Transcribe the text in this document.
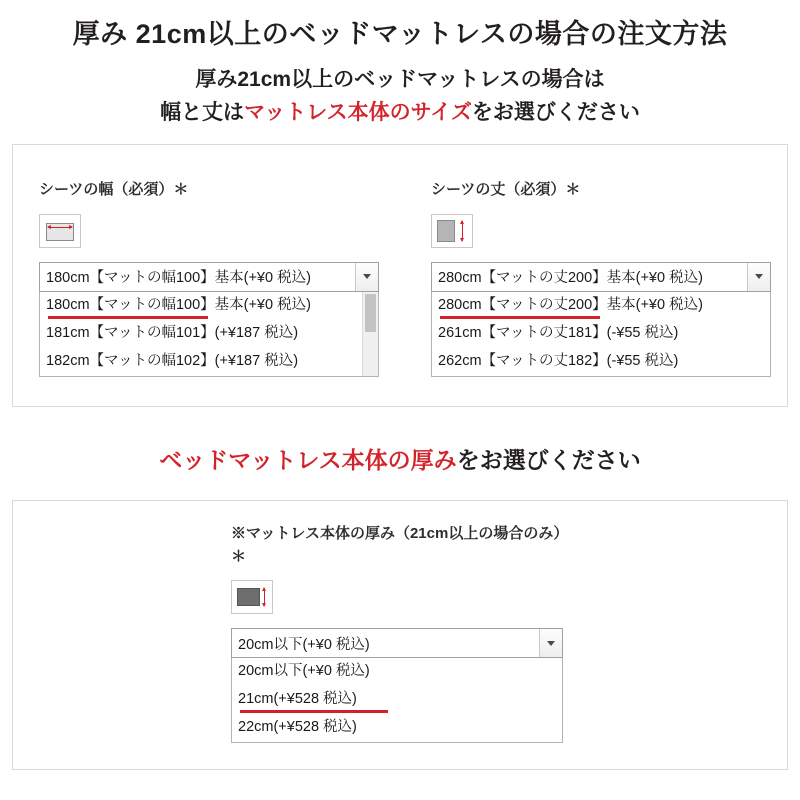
厚み 21cm以上のベッドマットレスの場合の注文方法
厚み21cm以上のベッドマットレスの場合は
幅と丈はマットレス本体のサイズをお選びください
シーツの幅（必須）＊
180cm【マットの幅100】基本(+¥0 税込)
180cm【マットの幅100】基本(+¥0 税込)
181cm【マットの幅101】(+¥187 税込)
182cm【マットの幅102】(+¥187 税込)
シーツの丈（必須）＊
280cm【マットの丈200】基本(+¥0 税込)
280cm【マットの丈200】基本(+¥0 税込)
261cm【マットの丈181】(-¥55 税込)
262cm【マットの丈182】(-¥55 税込)
ベッドマットレス本体の厚みをお選びください
※マットレス本体の厚み（21cm以上の場合のみ）＊
20cm以下(+¥0 税込)
20cm以下(+¥0 税込)
21cm(+¥528 税込)
22cm(+¥528 税込)
